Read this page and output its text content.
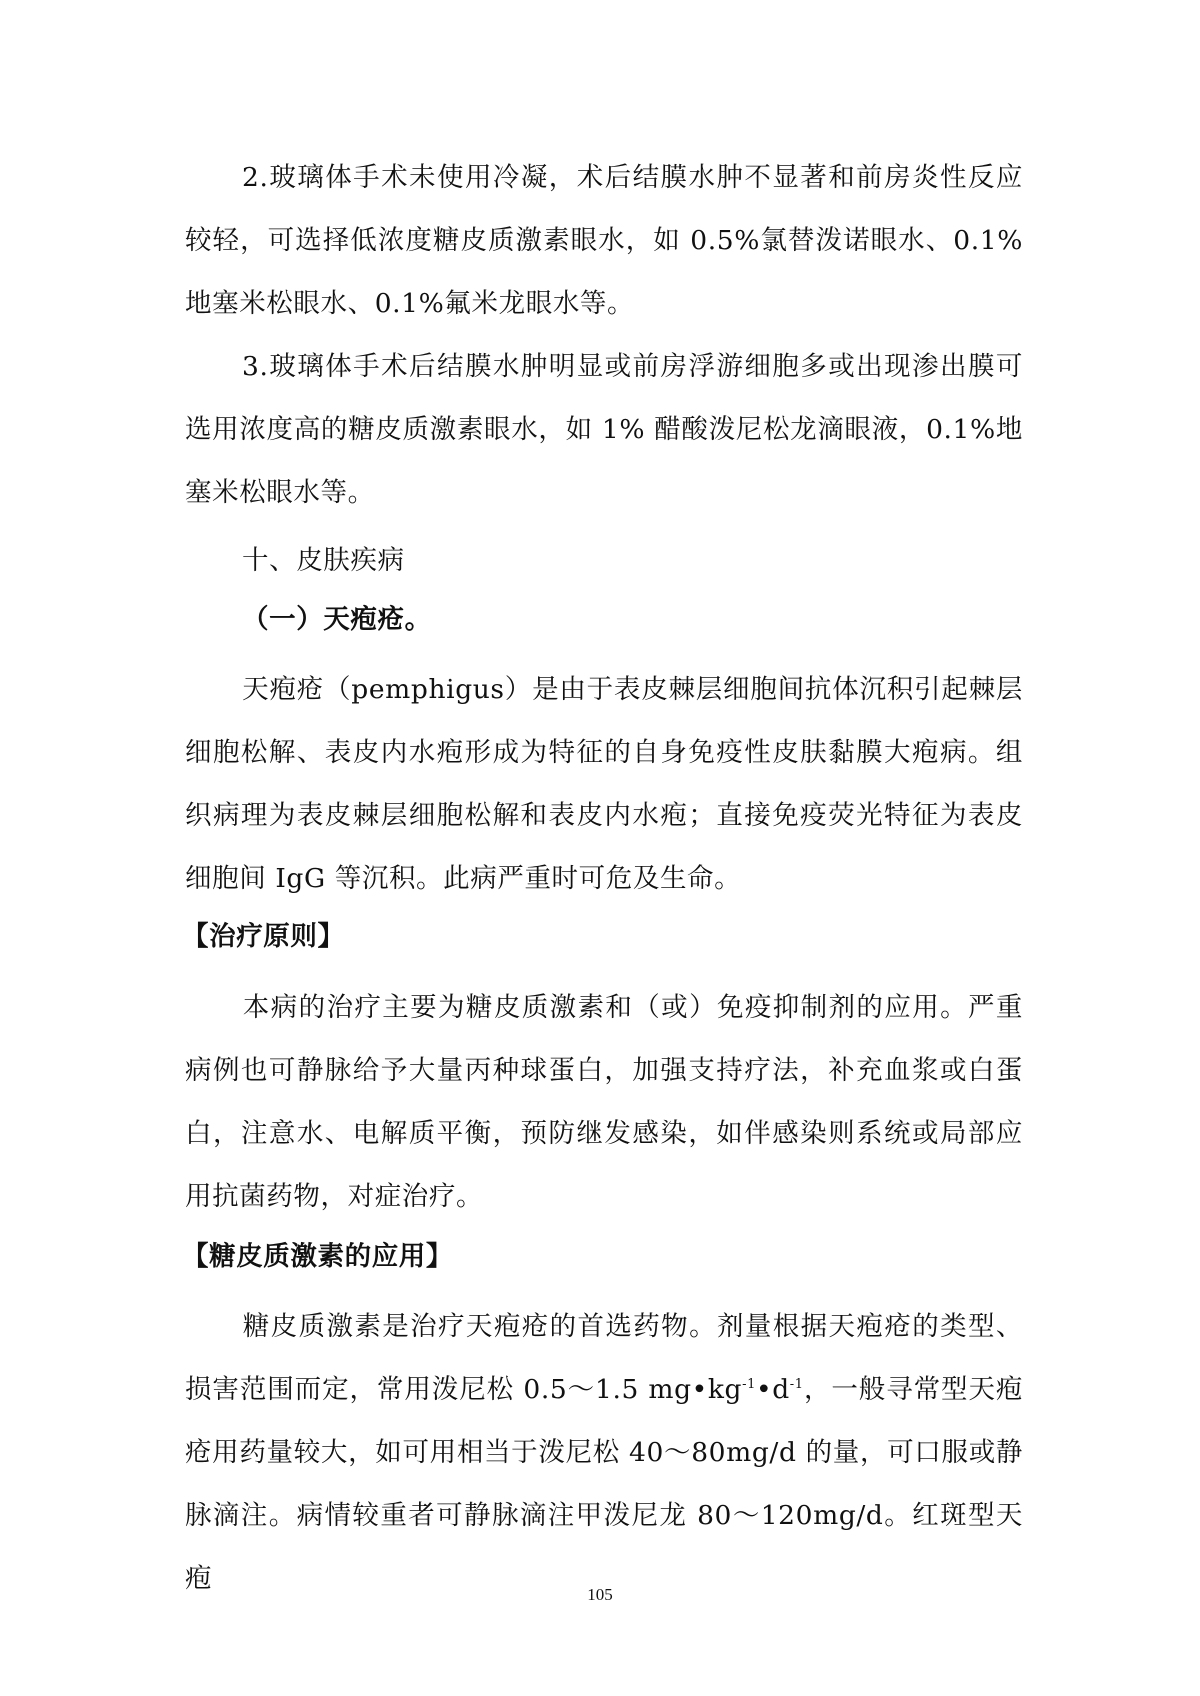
2.玻璃体手术未使用冷凝，术后结膜水肿不显著和前房炎性反应较轻，可选择低浓度糖皮质激素眼水，如 0.5%氯替泼诺眼水、0.1%地塞米松眼水、0.1%氟米龙眼水等。

3.玻璃体手术后结膜水肿明显或前房浮游细胞多或出现渗出膜可选用浓度高的糖皮质激素眼水，如 1% 醋酸泼尼松龙滴眼液，0.1%地塞米松眼水等。

十、皮肤疾病
（一）天疱疮。

天疱疮（pemphigus）是由于表皮棘层细胞间抗体沉积引起棘层细胞松解、表皮内水疱形成为特征的自身免疫性皮肤黏膜大疱病。组织病理为表皮棘层细胞松解和表皮内水疱；直接免疫荧光特征为表皮细胞间 IgG 等沉积。此病严重时可危及生命。

【治疗原则】

本病的治疗主要为糖皮质激素和（或）免疫抑制剂的应用。严重病例也可静脉给予大量丙种球蛋白，加强支持疗法，补充血浆或白蛋白，注意水、电解质平衡，预防继发感染，如伴感染则系统或局部应用抗菌药物，对症治疗。

【糖皮质激素的应用】

糖皮质激素是治疗天疱疮的首选药物。剂量根据天疱疮的类型、损害范围而定，常用泼尼松 0.5～1.5 $mg•kg^{-1}•d^{-1}$，一般寻常型天疱疮用药量较大，如可用相当于泼尼松 40～80mg/d 的量，可口服或静脉滴注。病情较重者可静脉滴注甲泼尼龙 80～120mg/d。红斑型天疱

105
